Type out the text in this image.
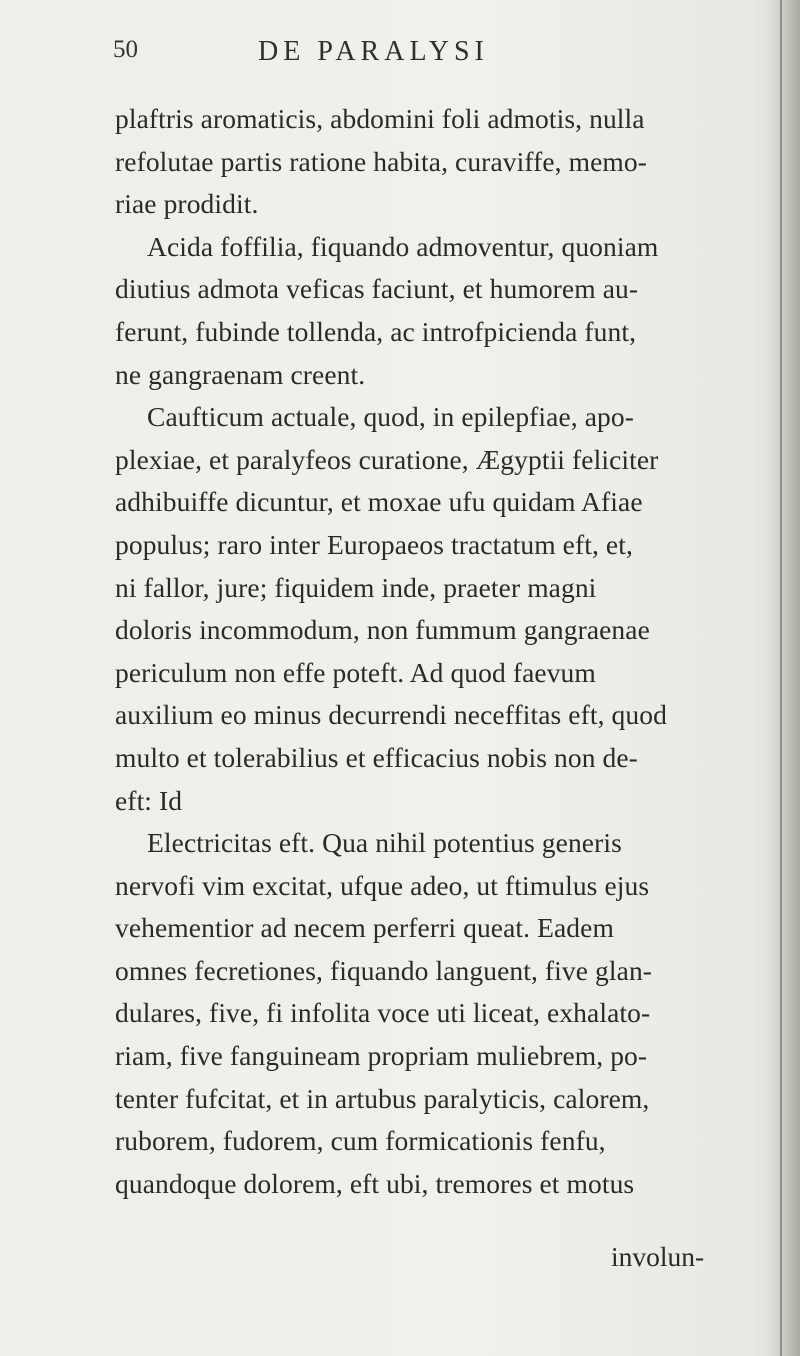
50	DE PARALYSI
plaftris aromaticis, abdomini foli admotis, nulla
refolutae partis ratione habita, curaviffe, memo-
riae prodidit.
Acida foffilia, fiquando admoventur, quoniam
diutius admota veficas faciunt, et humorem au-
ferunt, fubinde tollenda, ac introfpicienda funt,
ne gangraenam creent.
Caufticum actuale, quod, in epilepfiae, apo-
plexiae, et paralyfeos curatione, Ægyptii feliciter
adhibuiffe dicuntur, et moxae ufu quidam Afiae
populus; raro inter Europaeos tractatum eft, et,
ni fallor, jure; fiquidem inde, praeter magni
doloris incommodum, non fummum gangraenae
periculum non effe poteft. Ad quod faevum
auxilium eo minus decurrendi neceffitas eft, quod
multo et tolerabilius et efficacius nobis non de-
eft: Id
Electricitas eft. Qua nihil potentius generis
nervofi vim excitat, ufque adeo, ut ftimulus ejus
vehementior ad necem perferri queat. Eadem
omnes fecretiones, fiquando languent, five glan-
dulares, five, fi infolita voce uti liceat, exhalato-
riam, five fanguineam propriam muliebrem, po-
tenter fufcitat, et in artubus paralyticis, calorem,
ruborem, fudorem, cum formicationis fenfu,
quandoque dolorem, eft ubi, tremores et motus
involun-
